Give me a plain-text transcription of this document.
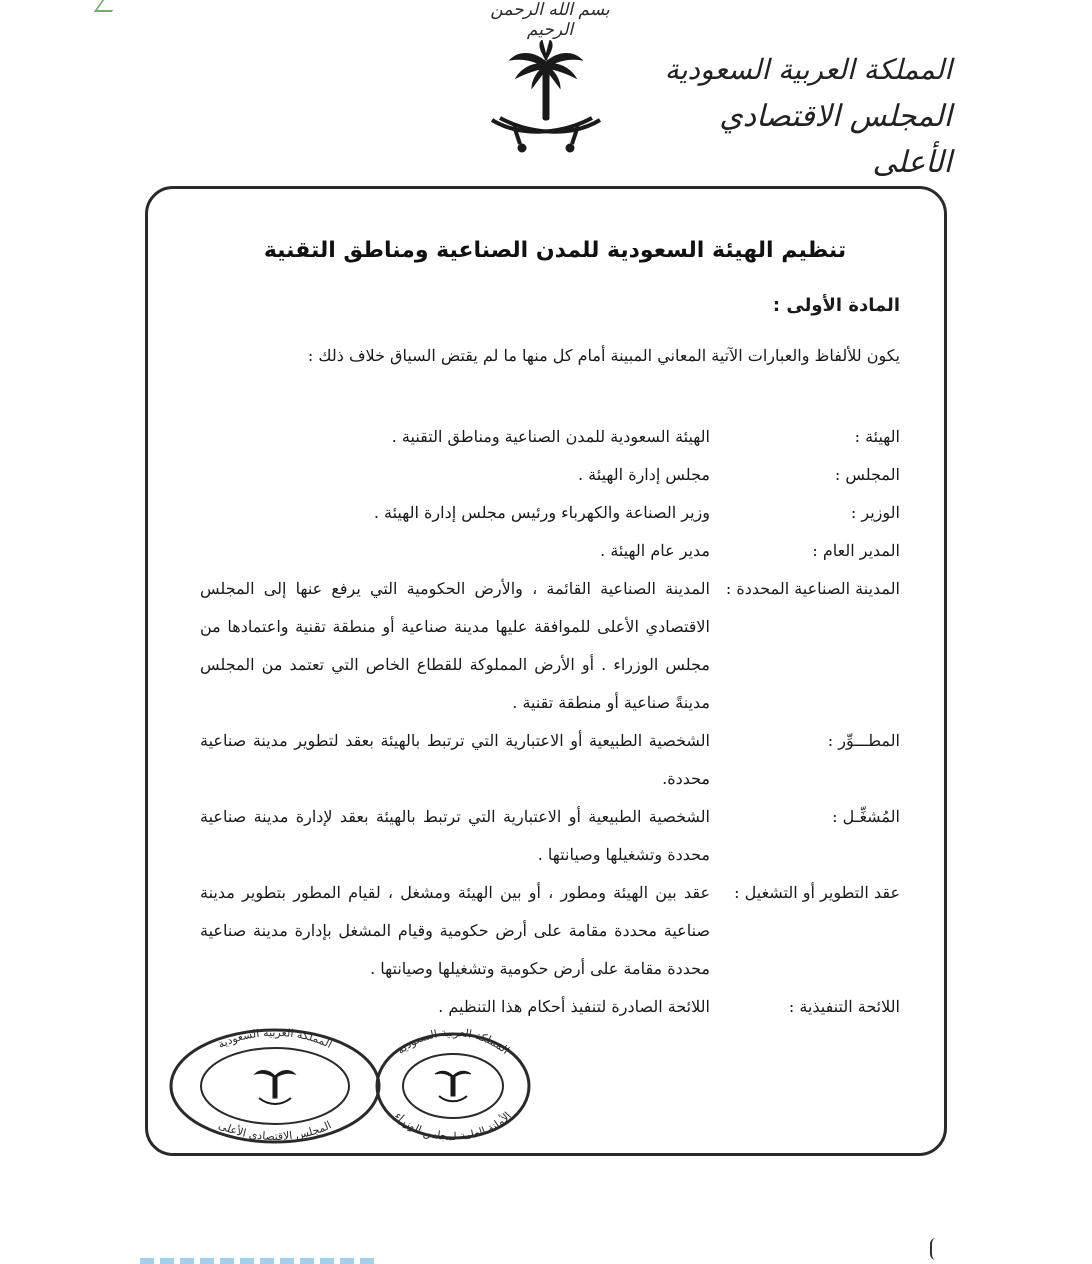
بسم الله الرحمن الرحيم
المملكة العربية السعودية
المجلس الاقتصادي الأعلى
تنظيم الهيئة السعودية للمدن الصناعية ومناطق التقنية
المادة الأولى :
يكون للألفاظ والعبارات الآتية المعاني المبينة أمام كل منها ما لم يقتض السياق خلاف ذلك :
الهيئة :
الهيئة السعودية للمدن الصناعية ومناطق التقنية .
المجلس :
مجلس إدارة الهيئة .
الوزير :
وزير الصناعة والكهرباء ورئيس مجلس إدارة الهيئة .
المدير العام :
مدير عام الهيئة .
المدينة الصناعية المحددة :
المدينة الصناعية القائمة ، والأرض الحكومية التي يرفع عنها إلى المجلس الاقتصادي الأعلى للموافقة عليها مدينة صناعية أو منطقة تقنية واعتمادها من مجلس الوزراء . أو الأرض المملوكة للقطاع الخاص التي تعتمد من المجلس مدينةً صناعية أو منطقة تقنية .
المطـــوِّر :
الشخصية الطبيعية أو الاعتبارية التي ترتبط بالهيئة بعقد لتطوير مدينة صناعية محددة.
المُشغِّـل :
الشخصية الطبيعية أو الاعتبارية التي ترتبط بالهيئة بعقد لإدارة مدينة صناعية محددة وتشغيلها وصيانتها .
عقد التطوير أو التشغيل :
عقد بين الهيئة ومطور ، أو بين الهيئة ومشغل ، لقيام المطور بتطوير مدينة صناعية محددة مقامة على أرض حكومية وقيام المشغل بإدارة مدينة صناعية محددة مقامة على أرض حكومية وتشغيلها وصيانتها .
اللائحة التنفيذية :
اللائحة الصادرة لتنفيذ أحكام هذا التنظيم .
المملكة العربية السعودية
المجلس الاقتصادي الأعلى
المملكة العربية السعودية
الأمانة العامة لمجلس الوزراء
